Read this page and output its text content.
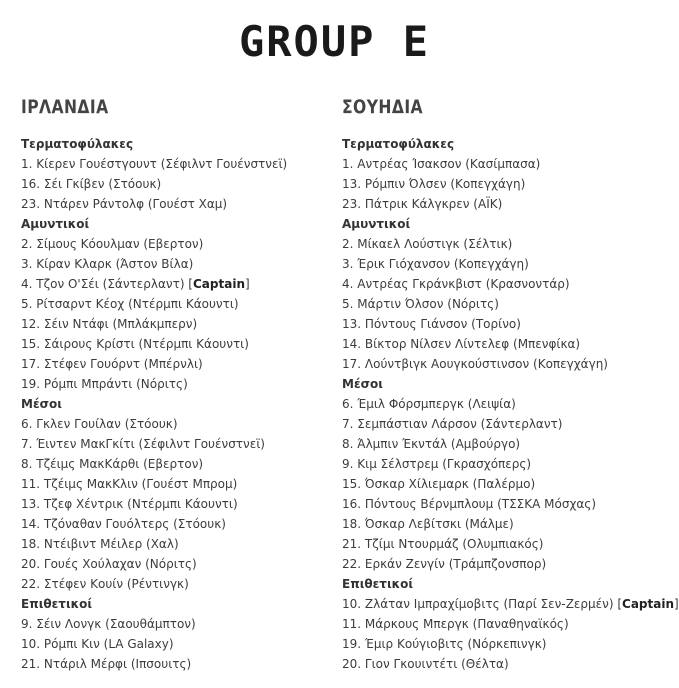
GROUP E
ΙΡΛΑΝΔΙΑ
Τερματοφύλακες
1. Κίερεν Γουέστγουντ (Σέφιλντ Γουένστνεϊ)
16. Σέι Γκίβεν (Στόουκ)
23. Ντάρεν Ράντολφ (Γουέστ Χαμ)
Αμυντικοί
2. Σίμους Κόουλμαν (Εβερτον)
3. Κίραν Κλαρκ (Άστον Βίλα)
4. Τζον Ο'Σέι (Σάντερλαντ) [Captain]
5. Ρίτσαρντ Κέοχ (Ντέρμπι Κάουντι)
12. Σέιν Ντάφι (Μπλάκμπερν)
15. Σάιρους Κρίστι (Ντέρμπι Κάουντι)
17. Στέφεν Γουόρντ (Μπέρνλι)
19. Ρόμπι Μπράντι (Νόριτς)
Μέσοι
6. Γκλεν Γουίλαν (Στόουκ)
7. Έιντεν ΜακΓκίτι (Σέφιλντ Γουένστνεϊ)
8. Τζέιμς ΜακΚάρθι (Εβερτον)
11. Τζέιμς ΜακΚλιν (Γουέστ Μπρομ)
13. Τζεφ Χέντρικ (Ντέρμπι Κάουντι)
14. Τζόναθαν Γουόλτερς (Στόουκ)
18. Ντέιβιντ Μέιλερ (Χαλ)
20. Γουές Χούλαχαν (Νόριτς)
22. Στέφεν Κουίν (Ρέντινγκ)
Επιθετικοί
9. Σέιν Λονγκ (Σαουθάμπτον)
10. Ρόμπι Κιν (LA Galaxy)
21. Ντάριλ Μέρφι (Ιπσουιτς)
ΣΟΥΗΔΙΑ
Τερματοφύλακες
1. Αντρέας Ίσακσον (Κασίμπασα)
13. Ρόμπιν Όλσεν (Κοπεγχάγη)
23. Πάτρικ Κάλγκρεν (ΑΪΚ)
Αμυντικοί
2. Μίκαελ Λούστιγκ (Σέλτικ)
3. Έρικ Γιόχανσον (Κοπεγχάγη)
4. Αντρέας Γκράνκβιστ (Κρασνοντάρ)
5. Μάρτιν Όλσον (Νόριτς)
13. Πόντους Γιάνσον (Τορίνο)
14. Βίκτορ Νίλσεν Λίντελεφ (Μπενφίκα)
17. Λούντβιγκ Αουγκούστινσον (Κοπεγχάγη)
Μέσοι
6. Έμιλ Φόρσμπεργκ (Λειψία)
7. Σεμπάστιαν Λάρσον (Σάντερλαντ)
8. Άλμπιν Έκντάλ (Αμβούργο)
9. Κιμ Σέλστρεμ (Γκρασχόπερς)
15. Όσκαρ Χίλιεμαρκ (Παλέρμο)
16. Πόντους Βέρνμπλουμ (ΤΣΣΚΑ Μόσχας)
18. Όσκαρ Λεβίτσκι (Μάλμε)
21. Τζίμι Ντουρμάζ (Ολυμπιακός)
22. Ερκάν Ζενγίν (Τράμπζονσπορ)
Επιθετικοί
10. Ζλάταν Ιμπραχίμοβιτς (Παρί Σεν-Ζερμέν) [Captain]
11. Μάρκους Μπεργκ (Παναθηναϊκός)
19. Έμιρ Κούγιοβιτς (Νόρκεπινγκ)
20. Γιον Γκουιντέτι (Θέλτα)
